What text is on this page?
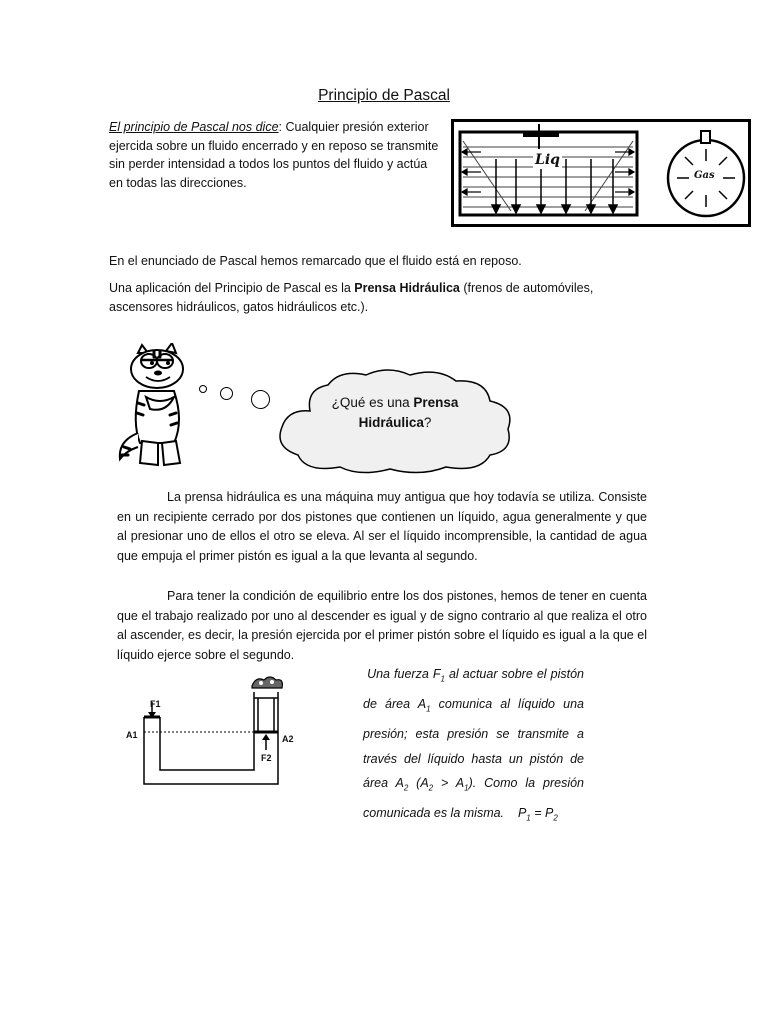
Principio de Pascal
El principio de Pascal nos dice: Cualquier presión exterior ejercida sobre un fluido encerrado y en reposo se transmite sin perder intensidad a todos los puntos del fluido y actúa en todas las direcciones.
Liq
Gas
En el enunciado de Pascal hemos remarcado que el fluido está en reposo.
Una aplicación del Principio de Pascal es la Prensa Hidráulica (frenos de automóviles, ascensores hidráulicos, gatos hidráulicos etc.).
¿Qué es una Prensa
Hidráulica?
La prensa hidráulica es una máquina muy antigua que hoy todavía se utiliza. Consiste en un recipiente cerrado por dos pistones que contienen un líquido, agua generalmente y que al presionar uno de ellos el otro se eleva. Al ser el líquido incomprensible, la cantidad de agua que empuja el primer pistón es igual a la que levanta al segundo.
Para tener la condición de equilibrio entre los dos pistones, hemos de tener en cuenta que el trabajo realizado por uno al descender es igual y de signo contrario al que realiza el otro al ascender, es decir, la presión ejercida por el primer pistón sobre el líquido es igual a la que el líquido ejerce sobre el segundo.
F1
A1	A2
F2
Una fuerza $F_1$ al actuar sobre el pistón de área $A_1$ comunica al líquido una presión; esta presión se transmite a través del líquido hasta un pistón de área $A_2$ $(A_2 > A_1)$. Como la presión comunicada es la misma. $P_1 = P_2$
